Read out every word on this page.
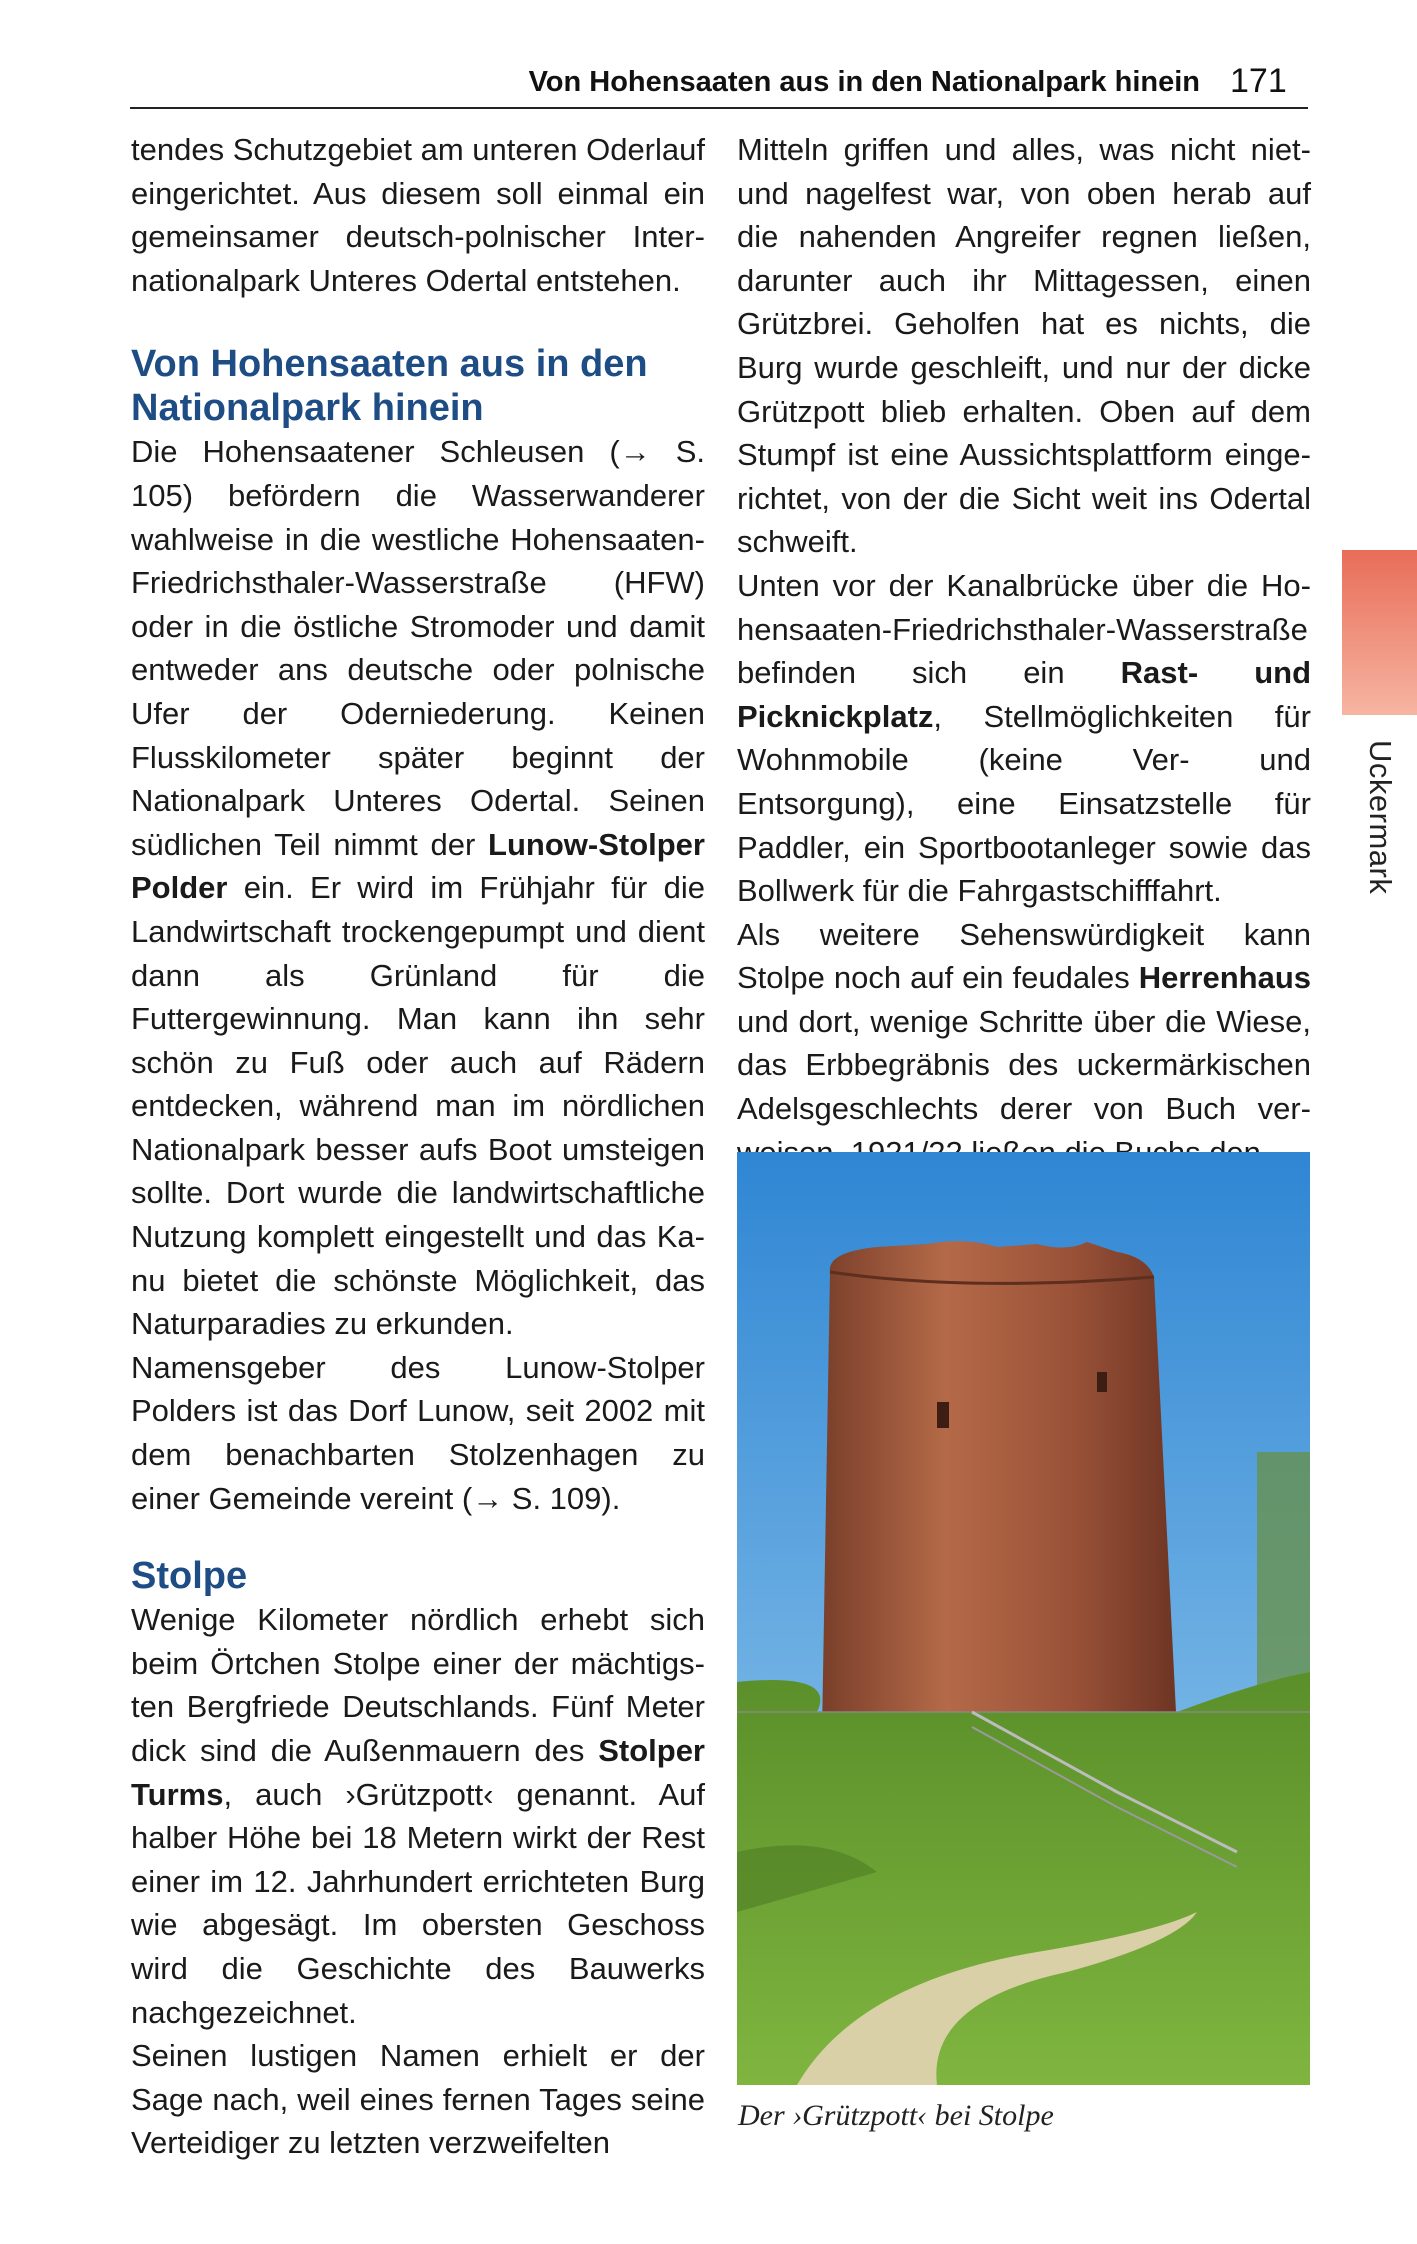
Von Hohensaaten aus in den Nationalpark hinein 171

tendes Schutzgebiet am unteren Oderlauf eingerichtet. Aus diesem soll einmal ein gemeinsamer deutsch-polnischer Internationalpark Unteres Odertal entstehen.

Von Hohensaaten aus in den Nationalpark hinein

Die Hohensaatener Schleusen (→ S. 105) befördern die Wasserwanderer wahlweise in die westliche Hohensaaten-Friedrichsthaler-Wasserstraße (HFW) oder in die östliche Stromoder und damit entweder ans deutsche oder polnische Ufer der Oderniederung. Keinen Flusskilometer später beginnt der Nationalpark Unteres Odertal. Seinen südlichen Teil nimmt der Lunow-Stolper Polder ein. Er wird im Frühjahr für die Landwirtschaft trockengepumpt und dient dann als Grünland für die Futtergewinnung. Man kann ihn sehr schön zu Fuß oder auch auf Rädern entdecken, während man im nördlichen Nationalpark besser aufs Boot umsteigen sollte. Dort wurde die landwirtschaftliche Nutzung komplett eingestellt und das Kanu bietet die schönste Möglichkeit, das Naturparadies zu erkunden.

Namensgeber des Lunow-Stolper Polders ist das Dorf Lunow, seit 2002 mit dem benachbarten Stolzenhagen zu einer Gemeinde vereint (→ S. 109).

Stolpe

Wenige Kilometer nördlich erhebt sich beim Örtchen Stolpe einer der mächtigsten Bergfriede Deutschlands. Fünf Meter dick sind die Außenmauern des Stolper Turms, auch ›Grützpott‹ genannt. Auf halber Höhe bei 18 Metern wirkt der Rest einer im 12. Jahrhundert errichteten Burg wie abgesägt. Im obersten Geschoss wird die Geschichte des Bauwerks nachgezeichnet.

Seinen lustigen Namen erhielt er der Sage nach, weil eines fernen Tages seine Verteidiger zu letzten verzweifelten

Mitteln griffen und alles, was nicht niet- und nagelfest war, von oben herab auf die nahenden Angreifer regnen ließen, darunter auch ihr Mittagessen, einen Grützbrei. Geholfen hat es nichts, die Burg wurde geschleift, und nur der dicke Grützpott blieb erhalten. Oben auf dem Stumpf ist eine Aussichtsplattform eingerichtet, von der die Sicht weit ins Odertal schweift.

Unten vor der Kanalbrücke über die Hohensaaten-Friedrichsthaler-Wasserstraße befinden sich ein Rast- und Picknickplatz, Stellmöglichkeiten für Wohnmobile (keine Ver- und Entsorgung), eine Einsatzstelle für Paddler, ein Sportbootanleger sowie das Bollwerk für die Fahrgastschifffahrt.

Als weitere Sehenswürdigkeit kann Stolpe noch auf ein feudales Herrenhaus und dort, wenige Schritte über die Wiese, das Erbbegräbnis des uckermärkischen Adelsgeschlechts derer von Buch ver

Der ›Grützpott‹ bei Stolpe
Uckermark
